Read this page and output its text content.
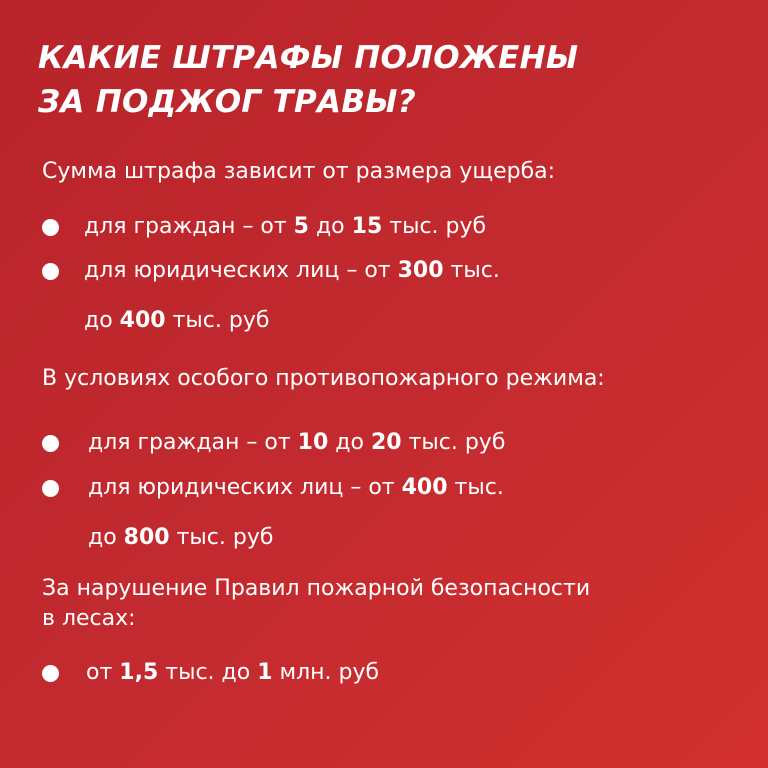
КАКИЕ ШТРАФЫ ПОЛОЖЕНЫ
ЗА ПОДЖОГ ТРАВЫ?

Сумма штрафа зависит от размера ущерба:

для граждан – от 5 до 15 тыс. руб
для юридических лиц – от 300 тыс.
до 400 тыс. руб

В условиях особого противопожарного режима:

для граждан – от 10 до 20 тыс. руб
для юридических лиц – от 400 тыс.
до 800 тыс. руб

За нарушение Правил пожарной безопасности
в лесах:

от 1,5 тыс. до 1 млн. руб
